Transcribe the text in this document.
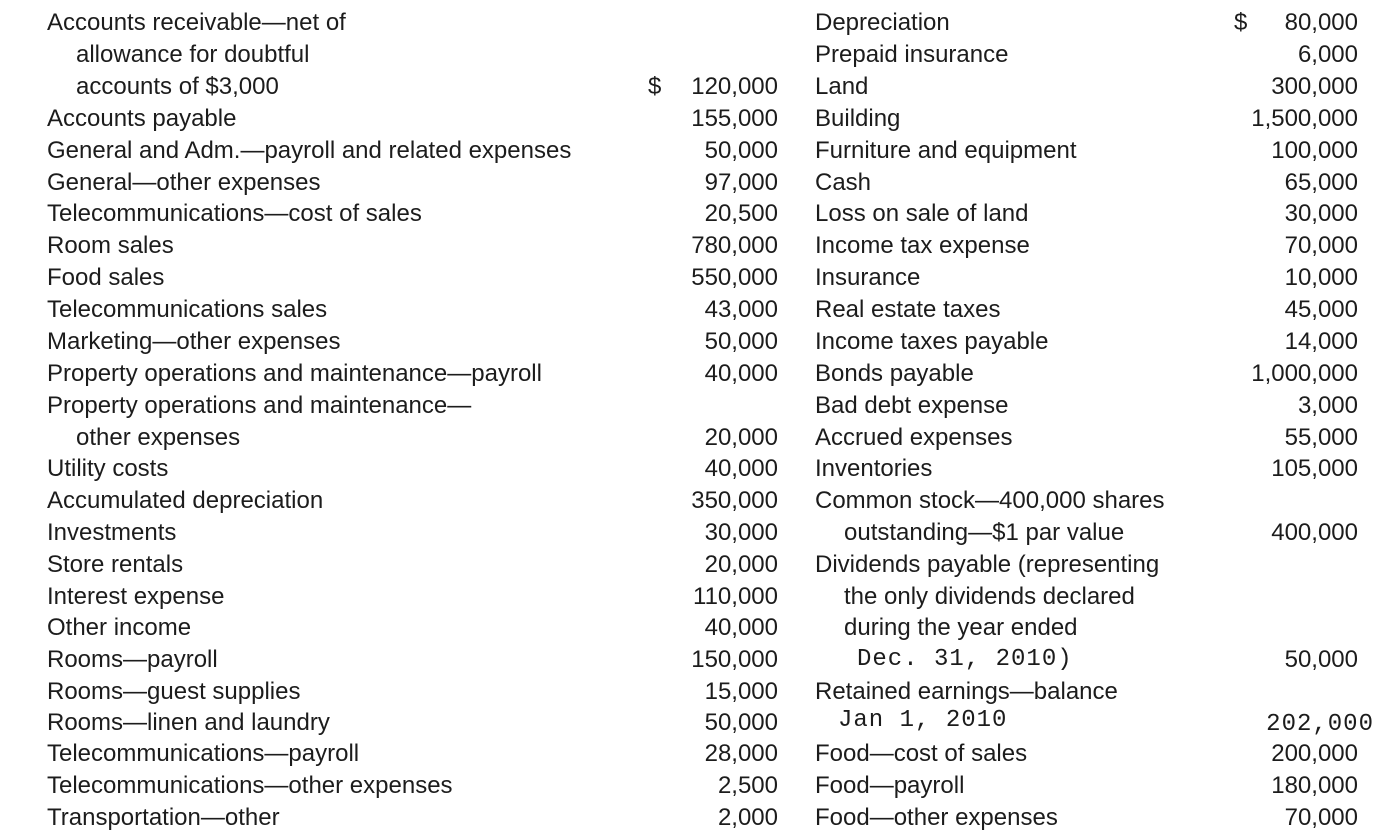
Accounts receivable—net of
allowance for doubtful
accounts of $3,000	$ 120,000
Accounts payable	155,000
General and Adm.—payroll and related expenses	50,000
General—other expenses	97,000
Telecommunications—cost of sales	20,500
Room sales	780,000
Food sales	550,000
Telecommunications sales	43,000
Marketing—other expenses	50,000
Property operations and maintenance—payroll	40,000
Property operations and maintenance—
other expenses	20,000
Utility costs	40,000
Accumulated depreciation	350,000
Investments	30,000
Store rentals	20,000
Interest expense	110,000
Other income	40,000
Rooms—payroll	150,000
Rooms—guest supplies	15,000
Rooms—linen and laundry	50,000
Telecommunications—payroll	28,000
Telecommunications—other expenses	2,500
Transportation—other	2,000
Depreciation	$ 80,000
Prepaid insurance	6,000
Land	300,000
Building	1,500,000
Furniture and equipment	100,000
Cash	65,000
Loss on sale of land	30,000
Income tax expense	70,000
Insurance	10,000
Real estate taxes	45,000
Income taxes payable	14,000
Bonds payable	1,000,000
Bad debt expense	3,000
Accrued expenses	55,000
Inventories	105,000
Common stock—400,000 shares
outstanding—$1 par value	400,000
Dividends payable (representing
the only dividends declared
during the year ended
Dec. 31, 2010)	50,000
Retained earnings—balance
Jan 1, 2010	202,000
Food—cost of sales	200,000
Food—payroll	180,000
Food—other expenses	70,000
